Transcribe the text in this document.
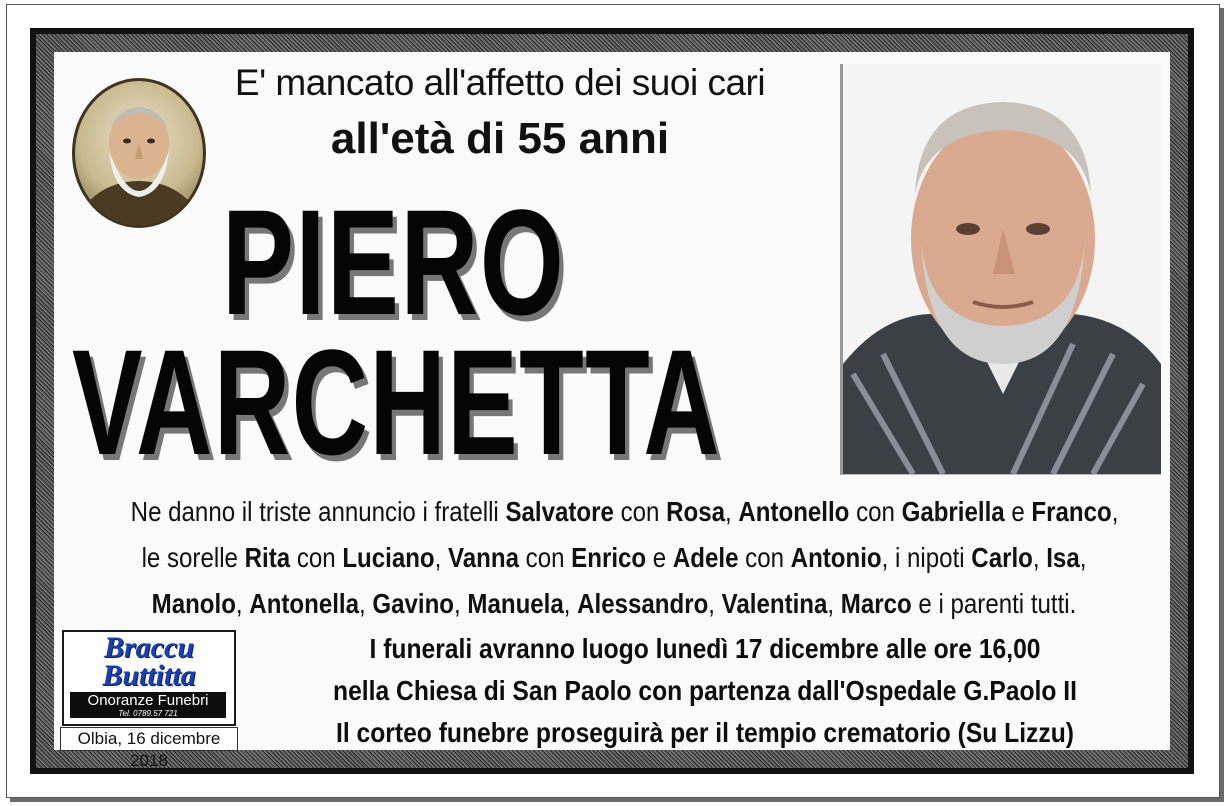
E' mancato all'affetto dei suoi cari
all'età di 55 anni
PIERO
VARCHETTA
Ne danno il triste annuncio i fratelli Salvatore con Rosa, Antonello con Gabriella e Franco,
le sorelle Rita con Luciano, Vanna con Enrico e Adele con Antonio, i nipoti Carlo, Isa,
Manolo, Antonella, Gavino, Manuela, Alessandro, Valentina, Marco e i parenti tutti.
Braccu
Buttitta
Onoranze Funebri
Tel. 0789.57 721
Olbia, 16 dicembre 2018
I funerali avranno luogo lunedì 17 dicembre alle ore 16,00
nella Chiesa di San Paolo con partenza dall'Ospedale G.Paolo II
Il corteo funebre proseguirà per il tempio crematorio (Su Lizzu)
